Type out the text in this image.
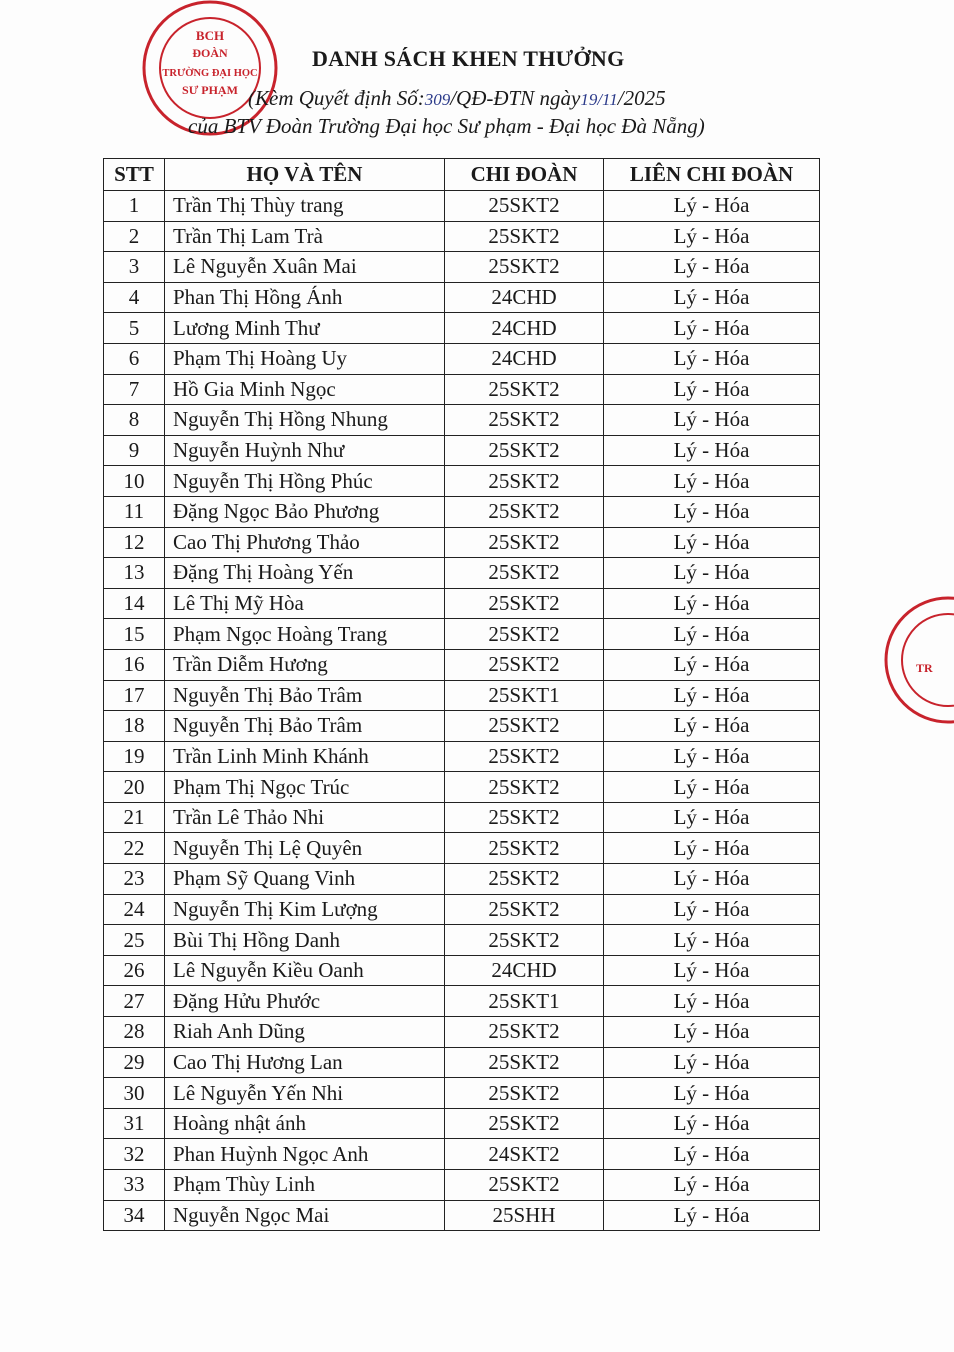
BCH
ĐOÀN
TRƯỜNG ĐẠI HỌC
SƯ PHẠM
TR
DANH SÁCH KHEN THƯỞNG
(Kèm Quyết định Số:309/QĐ-ĐTN ngày19/11/2025
của BTV Đoàn Trường Đại học Sư phạm - Đại học Đà Nẵng)
STT	HỌ VÀ TÊN	CHI ĐOÀN	LIÊN CHI ĐOÀN
1	Trần Thị Thùy trang	25SKT2	Lý - Hóa
2	Trần Thị Lam Trà	25SKT2	Lý - Hóa
3	Lê Nguyễn Xuân Mai	25SKT2	Lý - Hóa
4	Phan Thị Hồng Ánh	24CHD	Lý - Hóa
5	Lương Minh Thư	24CHD	Lý - Hóa
6	Phạm Thị Hoàng Uy	24CHD	Lý - Hóa
7	Hồ Gia Minh Ngọc	25SKT2	Lý - Hóa
8	Nguyễn Thị Hồng Nhung	25SKT2	Lý - Hóa
9	Nguyễn Huỳnh Như	25SKT2	Lý - Hóa
10	Nguyễn Thị Hồng Phúc	25SKT2	Lý - Hóa
11	Đặng Ngọc Bảo Phương	25SKT2	Lý - Hóa
12	Cao Thị Phương Thảo	25SKT2	Lý - Hóa
13	Đặng Thị Hoàng Yến	25SKT2	Lý - Hóa
14	Lê Thị Mỹ Hòa	25SKT2	Lý - Hóa
15	Phạm Ngọc Hoàng Trang	25SKT2	Lý - Hóa
16	Trần Diễm Hương	25SKT2	Lý - Hóa
17	Nguyễn Thị Bảo Trâm	25SKT1	Lý - Hóa
18	Nguyễn Thị Bảo Trâm	25SKT2	Lý - Hóa
19	Trần Linh Minh Khánh	25SKT2	Lý - Hóa
20	Phạm Thị Ngọc Trúc	25SKT2	Lý - Hóa
21	Trần Lê Thảo Nhi	25SKT2	Lý - Hóa
22	Nguyễn Thị Lệ Quyên	25SKT2	Lý - Hóa
23	Phạm Sỹ Quang Vinh	25SKT2	Lý - Hóa
24	Nguyễn Thị Kim Lượng	25SKT2	Lý - Hóa
25	Bùi Thị Hồng Danh	25SKT2	Lý - Hóa
26	Lê Nguyễn Kiều Oanh	24CHD	Lý - Hóa
27	Đặng Hửu Phước	25SKT1	Lý - Hóa
28	Riah Anh Dũng	25SKT2	Lý - Hóa
29	Cao Thị Hương Lan	25SKT2	Lý - Hóa
30	Lê Nguyễn Yến Nhi	25SKT2	Lý - Hóa
31	Hoàng nhật ánh	25SKT2	Lý - Hóa
32	Phan Huỳnh Ngọc Anh	24SKT2	Lý - Hóa
33	Phạm Thùy Linh	25SKT2	Lý - Hóa
34	Nguyễn Ngọc Mai	25SHH	Lý - Hóa
